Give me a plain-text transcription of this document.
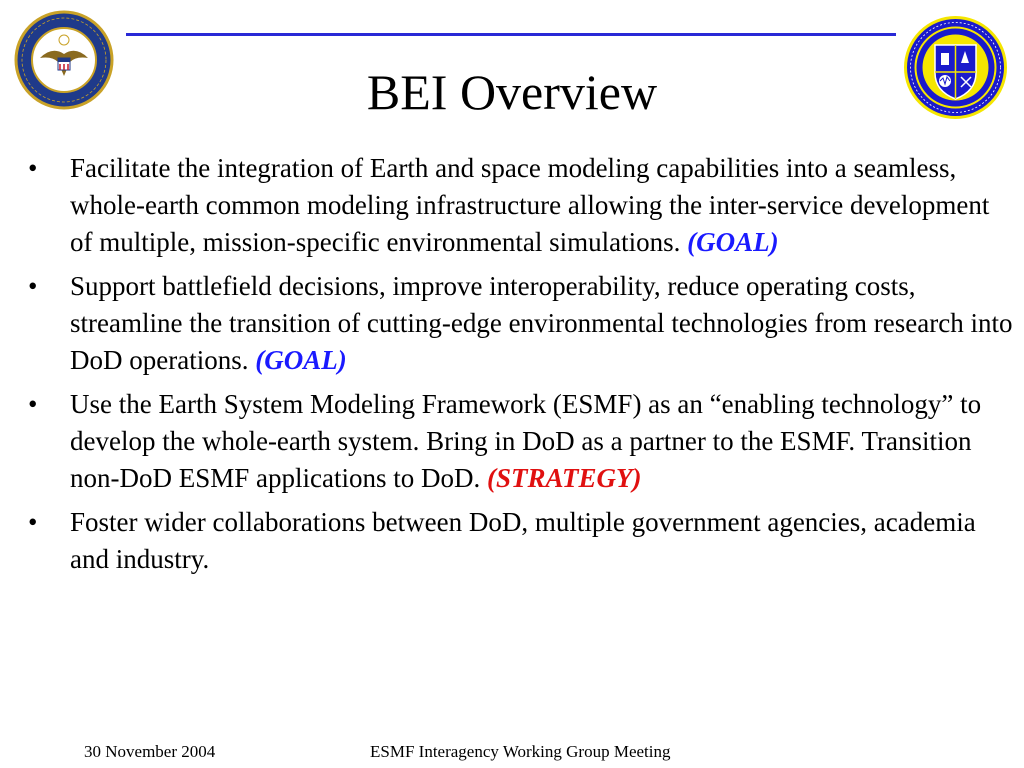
BEI Overview
• Facilitate the integration of Earth and space modeling capabilities into a seamless, whole-earth common modeling infrastructure allowing the inter-service development of multiple, mission-specific environmental simulations. (GOAL)
• Support battlefield decisions, improve interoperability, reduce operating costs, streamline the transition of cutting-edge environmental technologies from research into DoD operations. (GOAL)
• Use the Earth System Modeling Framework (ESMF) as an “enabling technology” to develop the whole-earth system. Bring in DoD as a partner to the ESMF. Transition non-DoD ESMF applications to DoD. (STRATEGY)
• Foster wider collaborations between DoD, multiple government agencies, academia and industry.
30 November 2004	ESMF Interagency Working Group Meeting
